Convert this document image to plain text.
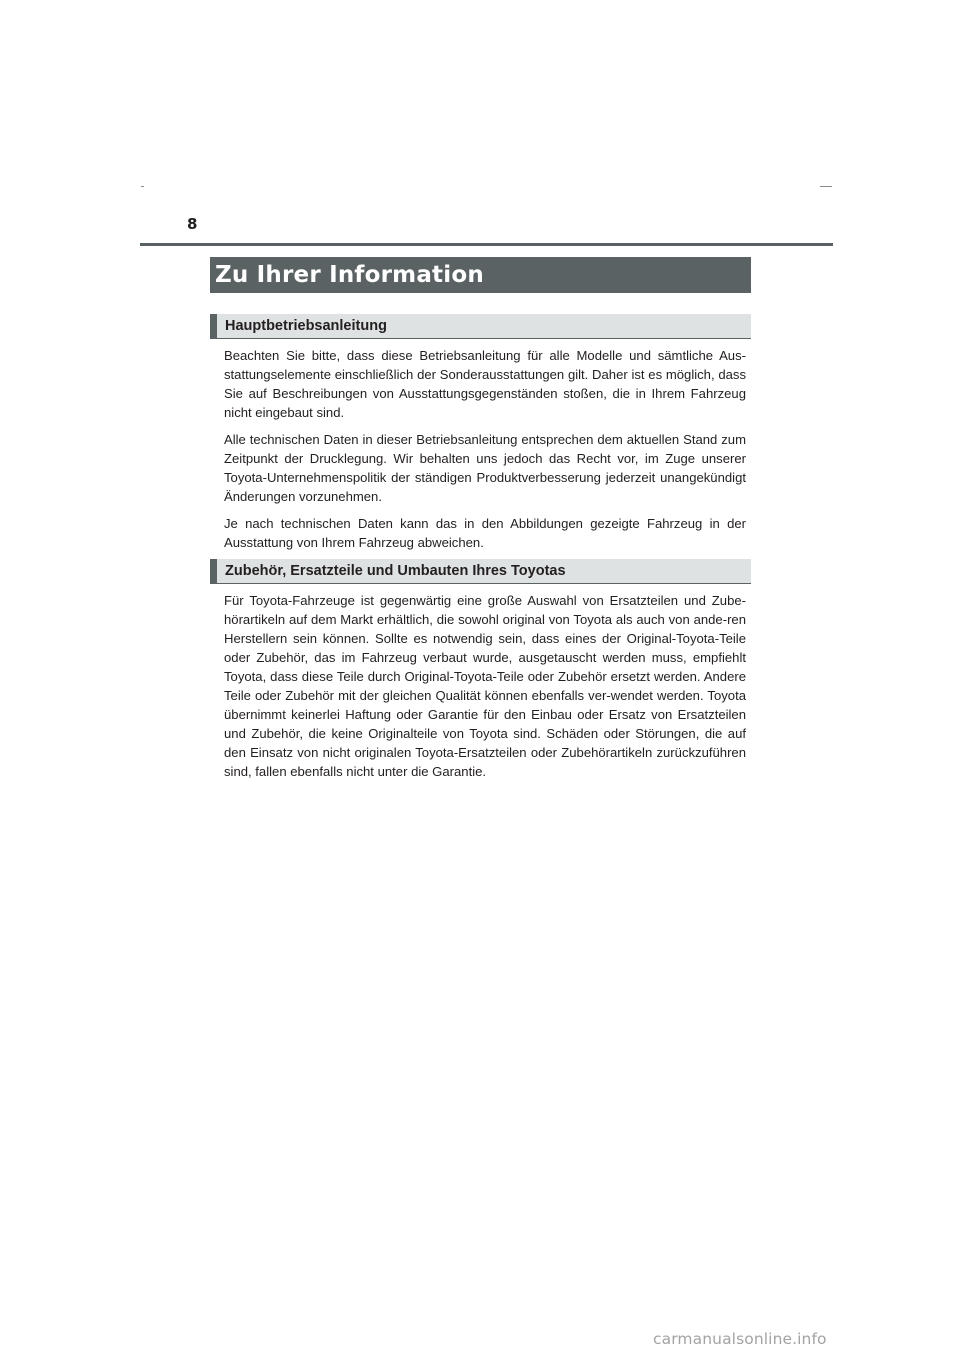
8
Zu Ihrer Information
Hauptbetriebsanleitung

Beachten Sie bitte, dass diese Betriebsanleitung für alle Modelle und sämtliche Aus-stattungselemente einschließlich der Sonderausstattungen gilt. Daher ist es möglich, dass Sie auf Beschreibungen von Ausstattungsgegenständen stoßen, die in Ihrem Fahrzeug nicht eingebaut sind.

Alle technischen Daten in dieser Betriebsanleitung entsprechen dem aktuellen Stand zum Zeitpunkt der Drucklegung. Wir behalten uns jedoch das Recht vor, im Zuge unserer Toyota-Unternehmenspolitik der ständigen Produktverbesserung jederzeit unangekündigt Änderungen vorzunehmen.

Je nach technischen Daten kann das in den Abbildungen gezeigte Fahrzeug in der Ausstattung von Ihrem Fahrzeug abweichen.

Zubehör, Ersatzteile und Umbauten Ihres Toyotas

Für Toyota-Fahrzeuge ist gegenwärtig eine große Auswahl von Ersatzteilen und Zube-hörartikeln auf dem Markt erhältlich, die sowohl original von Toyota als auch von ande-ren Herstellern sein können. Sollte es notwendig sein, dass eines der Original-Toyota-Teile oder Zubehör, das im Fahrzeug verbaut wurde, ausgetauscht werden muss, empfiehlt Toyota, dass diese Teile durch Original-Toyota-Teile oder Zubehör ersetzt werden. Andere Teile oder Zubehör mit der gleichen Qualität können ebenfalls ver-wendet werden. Toyota übernimmt keinerlei Haftung oder Garantie für den Einbau oder Ersatz von Ersatzteilen und Zubehör, die keine Originalteile von Toyota sind. Schäden oder Störungen, die auf den Einsatz von nicht originalen Toyota-Ersatzteilen oder Zubehörartikeln zurückzuführen sind, fallen ebenfalls nicht unter die Garantie.

carmanualsonline.info
